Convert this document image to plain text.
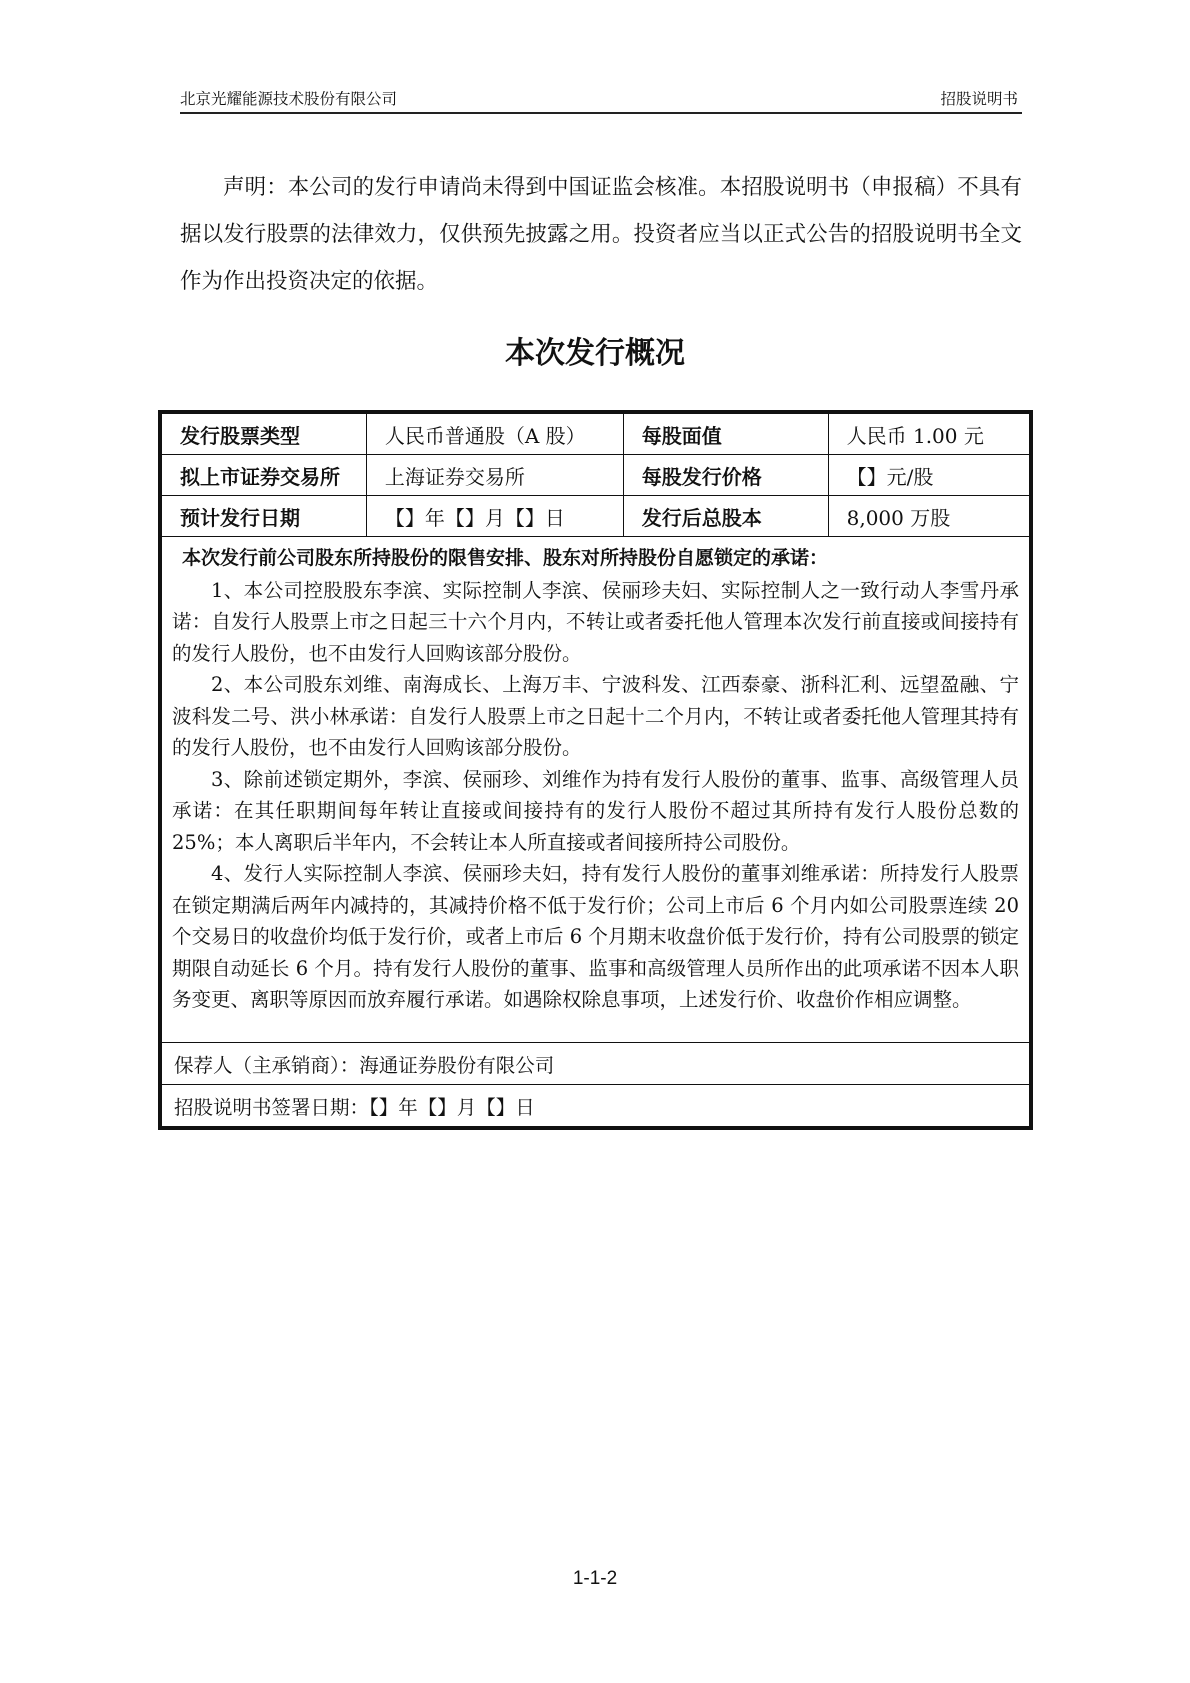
北京光耀能源技术股份有限公司	招股说明书
声明：本公司的发行申请尚未得到中国证监会核准。本招股说明书（申报稿）不具有据以发行股票的法律效力，仅供预先披露之用。投资者应当以正式公告的招股说明书全文作为作出投资决定的依据。
本次发行概况
发行股票类型	人民币普通股（A 股）	每股面值	人民币 1.00 元
拟上市证券交易所	上海证券交易所	每股发行价格	【】元/股
预计发行日期	【】年【】月【】日	发行后总股本	8,000 万股

本次发行前公司股东所持股份的限售安排、股东对所持股份自愿锁定的承诺：
1、本公司控股股东李滨、实际控制人李滨、侯丽珍夫妇、实际控制人之一致行动人李雪丹承诺：自发行人股票上市之日起三十六个月内，不转让或者委托他人管理本次发行前直接或间接持有的发行人股份，也不由发行人回购该部分股份。
2、本公司股东刘维、南海成长、上海万丰、宁波科发、江西泰豪、浙科汇利、远望盈融、宁波科发二号、洪小林承诺：自发行人股票上市之日起十二个月内，不转让或者委托他人管理其持有的发行人股份，也不由发行人回购该部分股份。
3、除前述锁定期外，李滨、侯丽珍、刘维作为持有发行人股份的董事、监事、高级管理人员承诺：在其任职期间每年转让直接或间接持有的发行人股份不超过其所持有发行人股份总数的 25%；本人离职后半年内，不会转让本人所直接或者间接所持公司股份。
4、发行人实际控制人李滨、侯丽珍夫妇，持有发行人股份的董事刘维承诺：所持发行人股票在锁定期满后两年内减持的，其减持价格不低于发行价；公司上市后 6 个月内如公司股票连续 20 个交易日的收盘价均低于发行价，或者上市后 6 个月期末收盘价低于发行价，持有公司股票的锁定期限自动延长 6 个月。持有发行人股份的董事、监事和高级管理人员所作出的此项承诺不因本人职务变更、离职等原因而放弃履行承诺。如遇除权除息事项，上述发行价、收盘价作相应调整。			

保荐人（主承销商）：海通证券股份有限公司			
招股说明书签署日期：【】年【】月【】日			
1-1-2
